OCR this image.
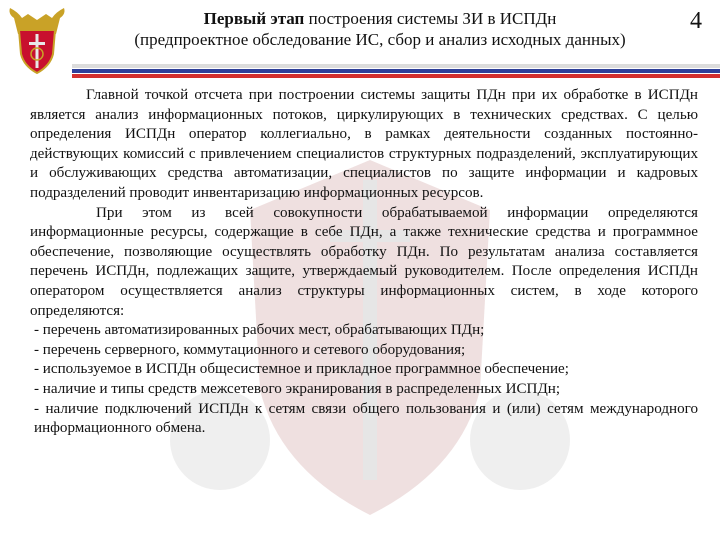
Первый этап построения системы ЗИ в ИСПДн
(предпроектное обследование ИС, сбор и анализ исходных данных)
4

Главной точкой отсчета при построении системы защиты ПДн при их обработке в ИСПДн является анализ информационных потоков, циркулирующих в технических средствах. С целью определения ИСПДн оператор коллегиально, в рамках деятельности созданных постоянно-действующих комиссий с привлечением специалистов структурных подразделений, эксплуатирующих и обслуживающих средства автоматизации, специалистов по защите информации и кадровых подразделений проводит инвентаризацию информационных ресурсов.

При этом из всей совокупности обрабатываемой информации определяются информационные ресурсы, содержащие в себе ПДн, а также технические средства и программное обеспечение, позволяющие осуществлять обработку ПДн. По результатам анализа составляется перечень ИСПДн, подлежащих защите, утверждаемый руководителем. После определения ИСПДн оператором осуществляется анализ структуры информационных систем, в ходе которого определяются:

- перечень автоматизированных рабочих мест, обрабатывающих ПДн;

- перечень серверного, коммутационного и сетевого оборудования;

- используемое в ИСПДн общесистемное и прикладное программное обеспечение;

- наличие и типы средств межсетевого экранирования в распределенных ИСПДн;

- наличие подключений ИСПДн к сетям связи общего пользования и (или) сетям международного информационного обмена.
